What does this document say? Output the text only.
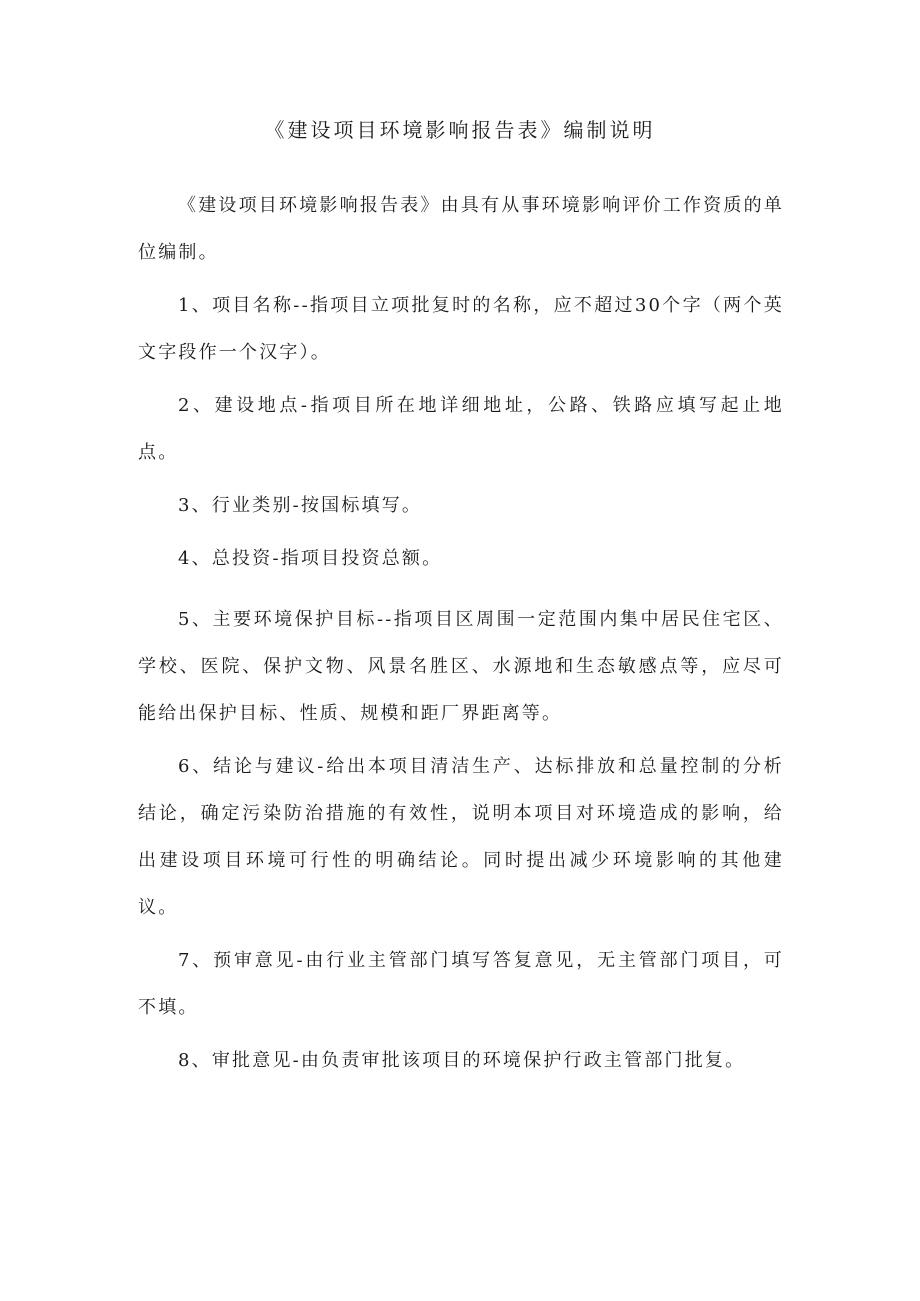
《建设项目环境影响报告表》编制说明

《建设项目环境影响报告表》由具有从事环境影响评价工作资质的单位编制。

1、项目名称--指项目立项批复时的名称，应不超过30个字（两个英文字段作一个汉字）。

2、建设地点-指项目所在地详细地址，公路、铁路应填写起止地点。

3、行业类别-按国标填写。

4、总投资-指项目投资总额。

5、主要环境保护目标--指项目区周围一定范围内集中居民住宅区、学校、医院、保护文物、风景名胜区、水源地和生态敏感点等，应尽可能给出保护目标、性质、规模和距厂界距离等。

6、结论与建议-给出本项目清洁生产、达标排放和总量控制的分析结论，确定污染防治措施的有效性，说明本项目对环境造成的影响，给出建设项目环境可行性的明确结论。同时提出减少环境影响的其他建议。

7、预审意见-由行业主管部门填写答复意见，无主管部门项目，可不填。

8、审批意见-由负责审批该项目的环境保护行政主管部门批复。
